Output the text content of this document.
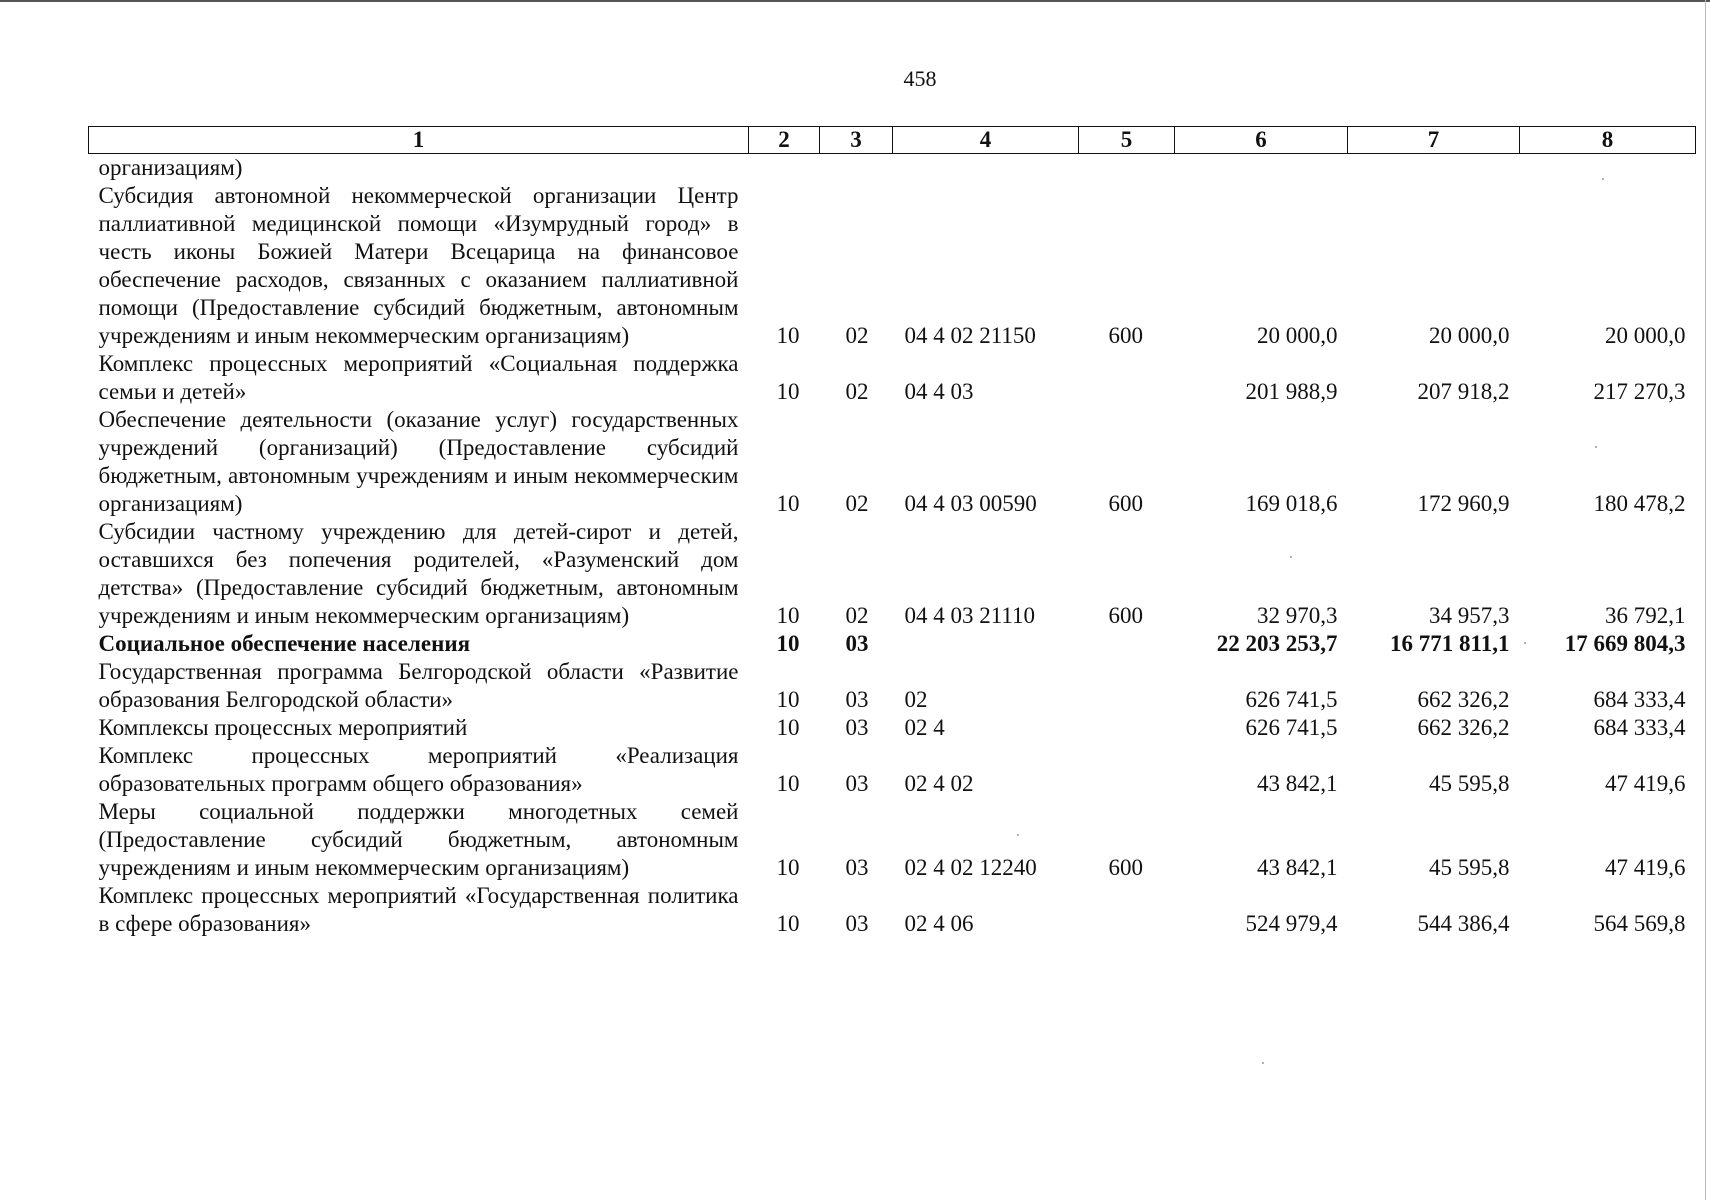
458
1	2	3	4	5	6	7	8
организациям)							
Субсидия автономной некоммерческой организации Центр паллиативной медицинской помощи «Изумрудный город» в честь иконы Божией Матери Всецарица на финансовое обеспечение расходов, связанных с оказанием паллиативной помощи (Предоставление субсидий бюджетным, автономным учреждениям и иным некоммерческим организациям)	10	02	04 4 02 21150	600	20 000,0	20 000,0	20 000,0
Комплекс процессных мероприятий «Социальная поддержка семьи и детей»	10	02	04 4 03		201 988,9	207 918,2	217 270,3
Обеспечение деятельности (оказание услуг) государственных учреждений (организаций) (Предоставление субсидий бюджетным, автономным учреждениям и иным некоммерческим организациям)	10	02	04 4 03 00590	600	169 018,6	172 960,9	180 478,2
Субсидии частному учреждению для детей-сирот и детей, оставшихся без попечения родителей, «Разуменский дом детства» (Предоставление субсидий бюджетным, автономным учреждениям и иным некоммерческим организациям)	10	02	04 4 03 21110	600	32 970,3	34 957,3	36 792,1
Социальное обеспечение населения	10	03			22 203 253,7	16 771 811,1	17 669 804,3
Государственная программа Белгородской области «Развитие образования Белгородской области»	10	03	02		626 741,5	662 326,2	684 333,4
Комплексы процессных мероприятий	10	03	02 4		626 741,5	662 326,2	684 333,4
Комплекс процессных мероприятий «Реализация образовательных программ общего образования»	10	03	02 4 02		43 842,1	45 595,8	47 419,6
Меры социальной поддержки многодетных семей (Предоставление субсидий бюджетным, автономным учреждениям и иным некоммерческим организациям)	10	03	02 4 02 12240	600	43 842,1	45 595,8	47 419,6
Комплекс процессных мероприятий «Государственная политика в сфере образования»	10	03	02 4 06		524 979,4	544 386,4	564 569,8
